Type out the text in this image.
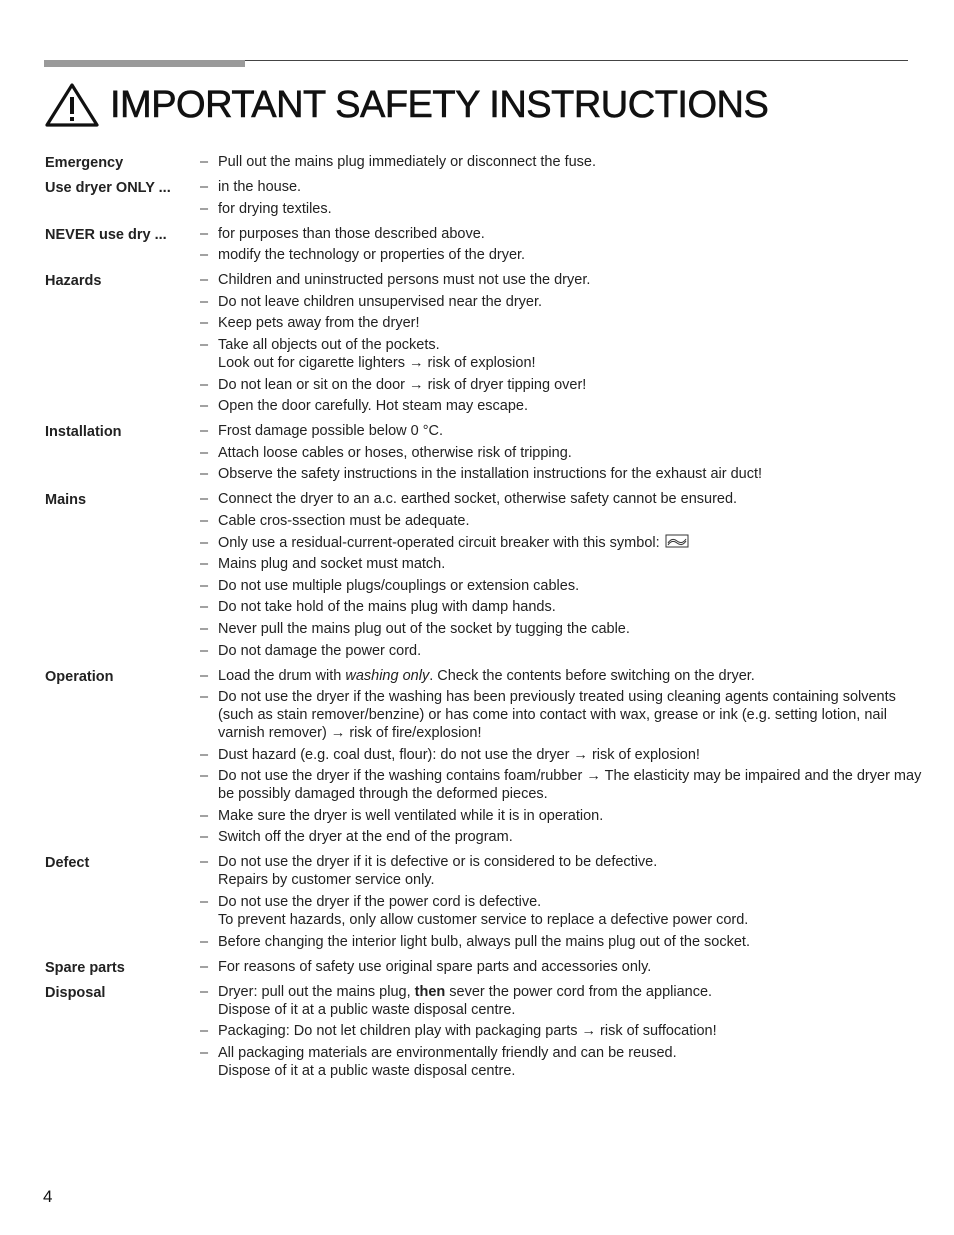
IMPORTANT SAFETY INSTRUCTIONS
Emergency	– Pull out the mains plug immediately or disconnect the fuse.
Use dryer ONLY ...	– in the house.
– for drying textiles.
NEVER use dry ...	– for purposes than those described above.
– modify the technology or properties of the dryer.
Hazards	– Children and uninstructed persons must not use the dryer.
– Do not leave children unsupervised near the dryer.
– Keep pets away from the dryer!
– Take all objects out of the pockets.
Look out for cigarette lighters → risk of explosion!
– Do not lean or sit on the door → risk of dryer tipping over!
– Open the door carefully. Hot steam may escape.
Installation	– Frost damage possible below 0 °C.
– Attach loose cables or hoses, otherwise risk of tripping.
– Observe the safety instructions in the installation instructions for the exhaust air duct!
Mains	– Connect the dryer to an a.c. earthed socket, otherwise safety cannot be ensured.
– Cable cros-ssection must be adequate.
– Only use a residual-current-operated circuit breaker with this symbol:
– Mains plug and socket must match.
– Do not use multiple plugs/couplings or extension cables.
– Do not take hold of the mains plug with damp hands.
– Never pull the mains plug out of the socket by tugging the cable.
– Do not damage the power cord.
Operation	– Load the drum with washing only. Check the contents before switching on the dryer.
– Do not use the dryer if the washing has been previously treated using cleaning agents containing solvents (such as stain remover/benzine) or has come into contact with wax, grease or ink (e.g. setting lotion, nail varnish remover) → risk of fire/explosion!
– Dust hazard (e.g. coal dust, flour): do not use the dryer → risk of explosion!
– Do not use the dryer if the washing contains foam/rubber → The elasticity may be impaired and the dryer may be possibly damaged through the deformed pieces.
– Make sure the dryer is well ventilated while it is in operation.
– Switch off the dryer at the end of the program.
Defect	– Do not use the dryer if it is defective or is considered to be defective.
Repairs by customer service only.
– Do not use the dryer if the power cord is defective.
To prevent hazards, only allow customer service to replace a defective power cord.
– Before changing the interior light bulb, always pull the mains plug out of the socket.
Spare parts	– For reasons of safety use original spare parts and accessories only.
Disposal	– Dryer: pull out the mains plug, then sever the power cord from the appliance.
Dispose of it at a public waste disposal centre.
– Packaging: Do not let children play with packaging parts → risk of suffocation!
– All packaging materials are environmentally friendly and can be reused.
Dispose of it at a public waste disposal centre.
4
